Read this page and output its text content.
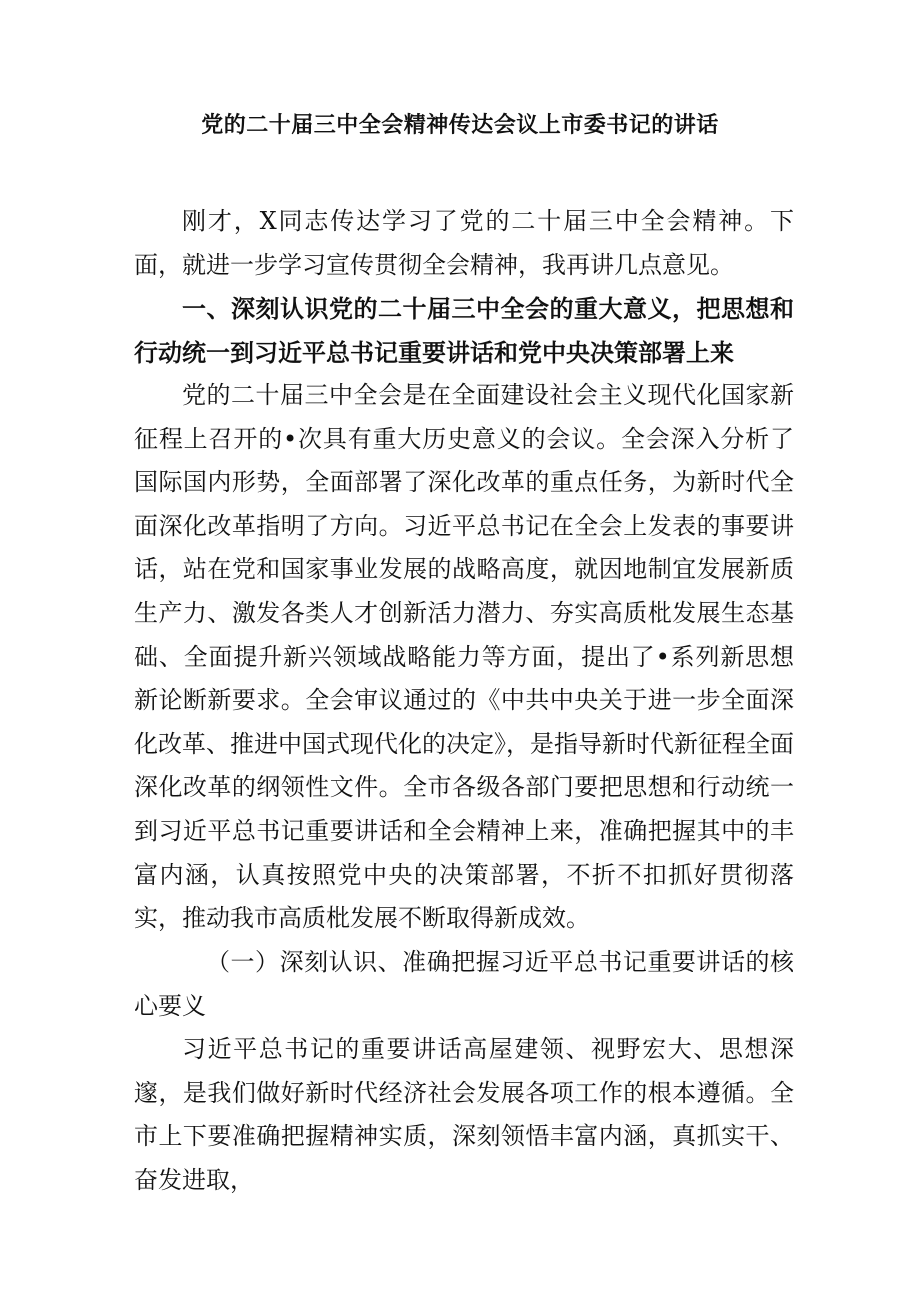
党的二十届三中全会精神传达会议上市委书记的讲话

刚才，X同志传达学习了党的二十届三中全会精神。下面，就进一步学习宣传贯彻全会精神，我再讲几点意见。

一、深刻认识党的二十届三中全会的重大意义，把思想和行动统一到习近平总书记重要讲话和党中央决策部署上来

党的二十届三中全会是在全面建设社会主义现代化国家新征程上召开的•次具有重大历史意义的会议。全会深入分析了国际国内形势，全面部署了深化改革的重点任务，为新时代全面深化改革指明了方向。习近平总书记在全会上发表的事要讲话，站在党和国家事业发展的战略高度，就因地制宜发展新质生产力、激发各类人才创新活力潜力、夯实高质枇发展生态基础、全面提升新兴领域战略能力等方面，提出了•系列新思想新论断新要求。全会审议通过的《中共中央关于进一步全面深化改革、推进中国式现代化的决定》，是指导新时代新征程全面深化改革的纲领性文件。全市各级各部门要把思想和行动统一到习近平总书记重要讲话和全会精神上来，准确把握其中的丰富内涵，认真按照党中央的决策部署，不折不扣抓好贯彻落实，推动我市高质枇发展不断取得新成效。

（一）深刻认识、准确把握习近平总书记重要讲话的核心要义

习近平总书记的重要讲话高屋建领、视野宏大、思想深邃，是我们做好新时代经济社会发展各项工作的根本遵循。全市上下要准确把握精神实质，深刻领悟丰富内涵，真抓实干、奋发进取，
